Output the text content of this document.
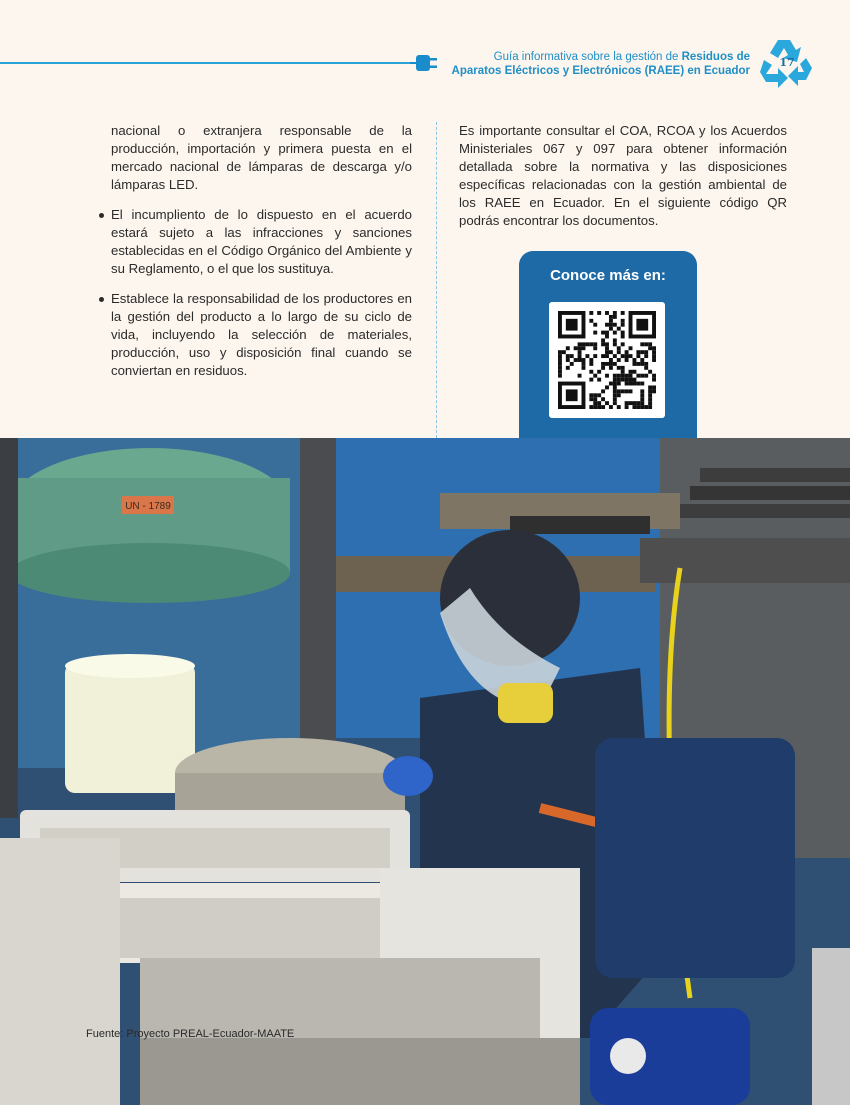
Guía informativa sobre la gestión de Residuos de
Aparatos Eléctricos y Electrónicos (RAEE) en Ecuador
17

nacional o extranjera responsable de la producción, importación y primera puesta en el mercado nacional de lámparas de descarga y/o lámparas LED.

El incumpliento de lo dispuesto en el acuerdo estará sujeto a las infracciones y sanciones establecidas en el Código Orgánico del Ambiente y su Reglamento, o el que los sustituya.
Establece la responsabilidad de los productores en la gestión del producto a lo largo de su ciclo de vida, incluyendo la selección de materiales, producción, uso y disposición final cuando se conviertan en residuos.

Es importante consultar el COA, RCOA y los Acuerdos Ministeriales 067 y 097 para obtener información detallada sobre la normativa y las disposiciones específicas relacionadas con la gestión ambiental de los RAEE en Ecuador. En el siguiente código QR podrás encontrar los documentos.

Conoce más en:
UN - 1789
Fuente: Proyecto PREAL-Ecuador-MAATE
